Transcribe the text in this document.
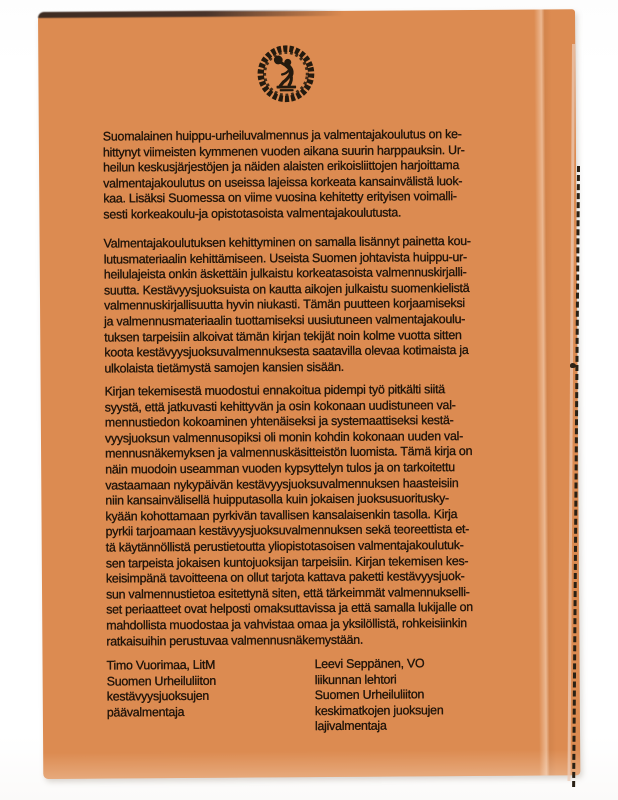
Suomalainen huippu-urheiluvalmennus ja valmentajakoulutus on ke-
hittynyt viimeisten kymmenen vuoden aikana suurin harppauksin. Ur-
heilun keskusjärjestöjen ja näiden alaisten erikoisliittojen harjoittama
valmentajakoulutus on useissa lajeissa korkeata kansainvälistä luok-
kaa. Lisäksi Suomessa on viime vuosina kehitetty erityisen voimalli-
sesti korkeakoulu-ja opistotasoista valmentajakoulutusta.

Valmentajakoulutuksen kehittyminen on samalla lisännyt painetta kou-
lutusmateriaalin kehittämiseen. Useista Suomen johtavista huippu-ur-
heilulajeista onkin äskettäin julkaistu korkeatasoista valmennuskirjalli-
suutta. Kestävyysjuoksuista on kautta aikojen julkaistu suomenkielistä
valmennuskirjallisuutta hyvin niukasti. Tämän puutteen korjaamiseksi
ja valmennusmateriaalin tuottamiseksi uusiutuneen valmentajakoulu-
tuksen tarpeisiin alkoivat tämän kirjan tekijät noin kolme vuotta sitten
koota kestävyysjuoksuvalmennuksesta saatavilla olevaa kotimaista ja
ulkolaista tietämystä samojen kansien sisään.

Kirjan tekemisestä muodostui ennakoitua pidempi työ pitkälti siitä
syystä, että jatkuvasti kehittyvän ja osin kokonaan uudistuneen val-
mennustiedon kokoaminen yhtenäiseksi ja systemaattiseksi kestä-
vyysjuoksun valmennusopiksi oli monin kohdin kokonaan uuden val-
mennusnäkemyksen ja valmennuskäsitteistön luomista. Tämä kirja on
näin muodoin useamman vuoden kypsyttelyn tulos ja on tarkoitettu
vastaamaan nykypäivän kestävyysjuoksuvalmennuksen haasteisiin
niin kansainvälisellä huipputasolla kuin jokaisen juoksusuoritusky-
kyään kohottamaan pyrkivän tavallisen kansalaisenkin tasolla. Kirja
pyrkii tarjoamaan kestävyysjuoksuvalmennuksen sekä teoreettista et-
tä käytännöllistä perustietoutta yliopistotasoisen valmentajakoulutuk-
sen tarpeista jokaisen kuntojuoksijan tarpeisiin. Kirjan tekemisen kes-
keisimpänä tavoitteena on ollut tarjota kattava paketti kestävyysjuok-
sun valmennustietoa esitettynä siten, että tärkeimmät valmennukselli-
set periaatteet ovat helposti omaksuttavissa ja että samalla lukijalle on
mahdollista muodostaa ja vahvistaa omaa ja yksilöllistä, rohkeisiinkin
ratkaisuihin perustuvaa valmennusnäkemystään.

Timo Vuorimaa, LitM
Suomen Urheiluliiton
kestävyysjuoksujen
päävalmentaja
Leevi Seppänen, VO
liikunnan lehtori
Suomen Urheiluliiton
keskimatkojen juoksujen
lajivalmentaja
